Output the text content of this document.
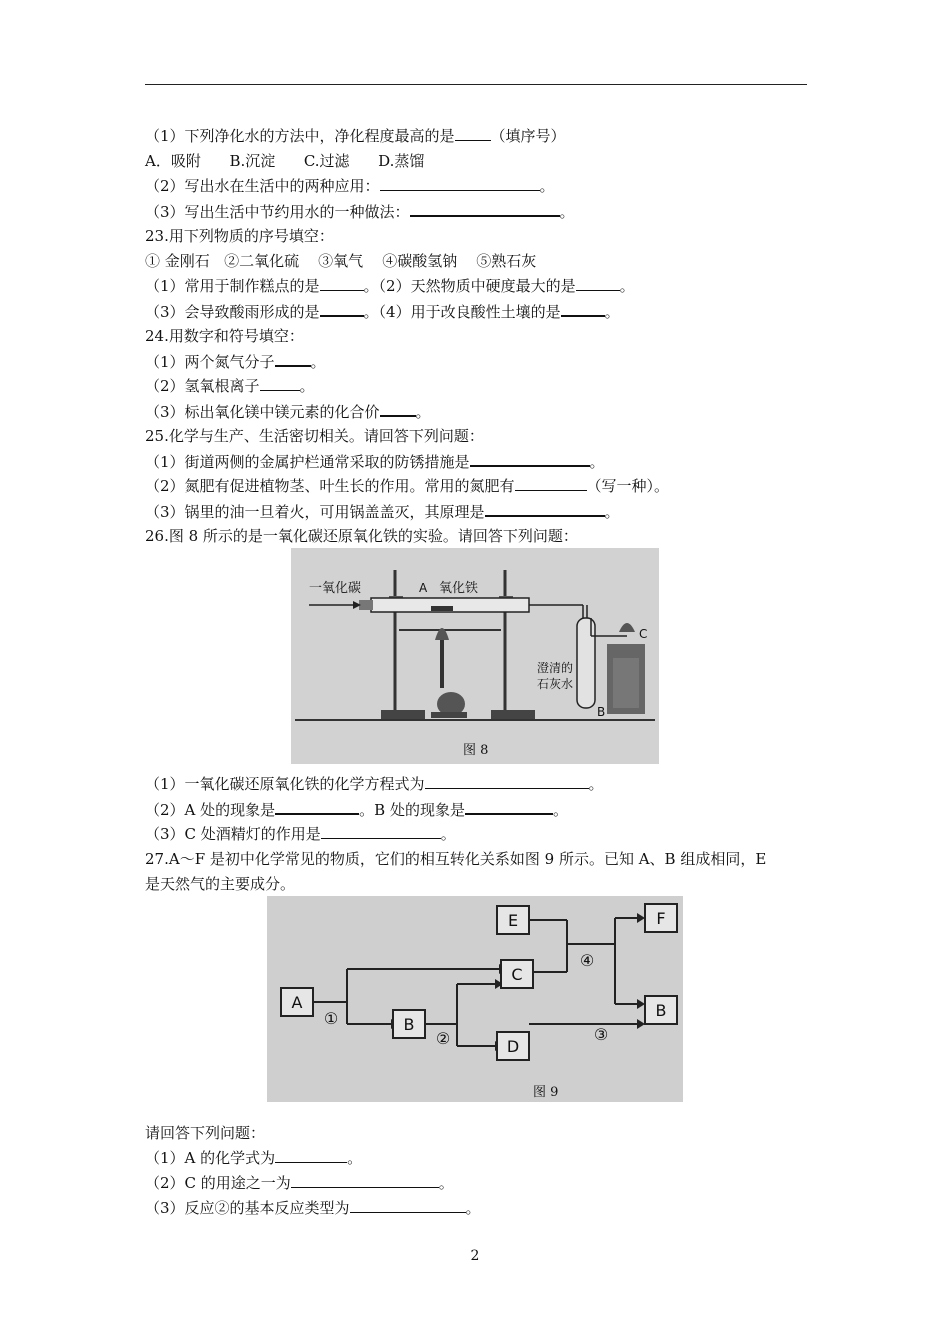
（1）下列净化水的方法中，净化程度最高的是 （填序号）
A．吸附      B.沉淀      C.过滤      D.蒸馏
（2）写出水在生活中的两种应用：	。
（3）写出生活中节约用水的一种做法：	。
23.用下列物质的序号填空：
① 金刚石   ②二氧化硫    ③氧气    ④碳酸氢钠    ⑤熟石灰
（1）常用于制作糕点的是	。（2）天然物质中硬度最大的是	。
（3）会导致酸雨形成的是	。（4）用于改良酸性土壤的是	。
24.用数字和符号填空：
（1）两个氮气分子 。
（2）氢氧根离子	。
（3）标出氧化镁中镁元素的化合价 。
25.化学与生产、生活密切相关。请回答下列问题：
（1）街道两侧的金属护栏通常采取的防锈措施是	。
（2）氮肥有促进植物茎、叶生长的作用。常用的氮肥有	（写一种）。
（3）锅里的油一旦着火，可用锅盖盖灭，其原理是	。
26.图 8 所示的是一氧化碳还原氧化铁的实验。请回答下列问题：
一氧化碳	A 氧化铁
澄清的
石灰水
B
C
图 8
（1）一氧化碳还原氧化铁的化学方程式为	。
（2）A 处的现象是	。B 处的现象是	。
（3）C 处酒精灯的作用是	。
27.A～F 是初中化学常见的物质，它们的相互转化关系如图 9 所示。已知 A、B 组成相同，E
是天然气的主要成分。
A
B
C
D
E	F
B
①
②	③
④
图 9
请回答下列问题：
（1）A 的化学式为	。
（2）C 的用途之一为	。
（3）反应②的基本反应类型为	。
2
